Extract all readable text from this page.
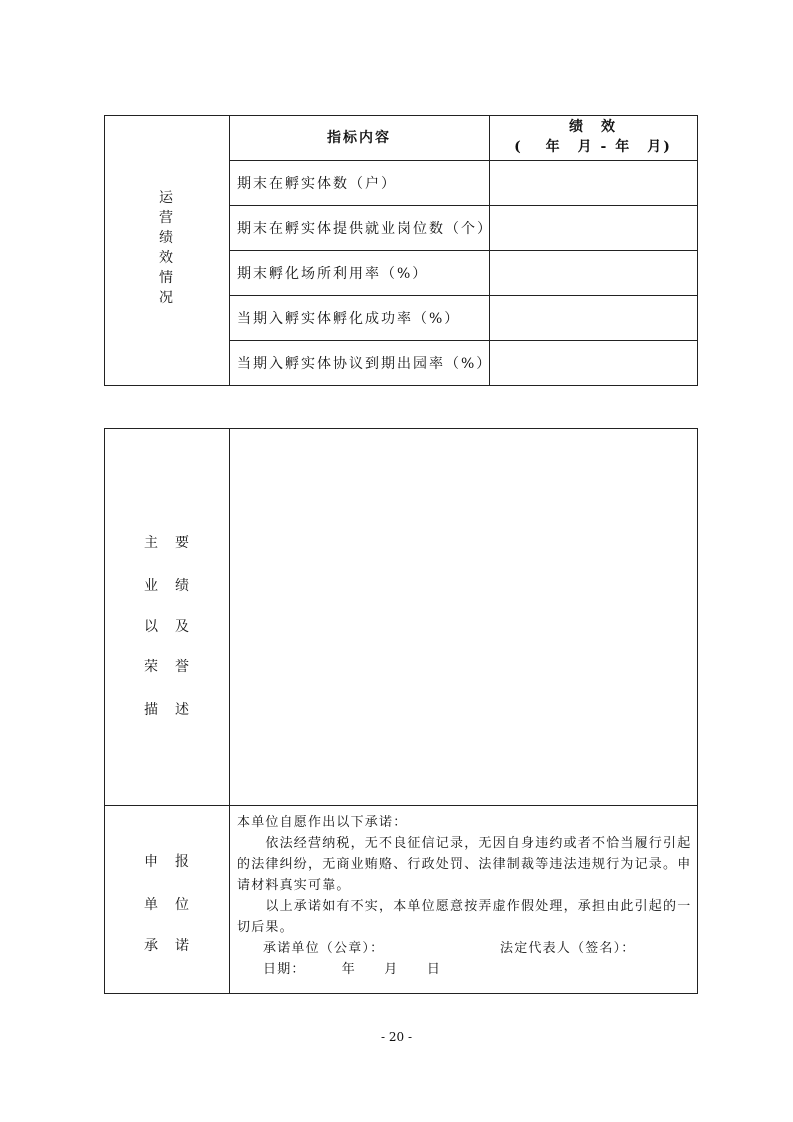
运营绩效情况
指标内容
绩　效
(　 年　月 - 年　月)
期末在孵实体数（户）
期末在孵实体提供就业岗位数（个）
期末孵化场所利用率（%）
当期入孵实体孵化成功率（%）
当期入孵实体协议到期出园率（%）
主
业
以
荣
描
要
绩
及
誉
述
申
单
承
报
位
诺
本单位自愿作出以下承诺：
　　依法经营纳税，无不良征信记录，无因自身违约或者不恰当履行引起
的法律纠纷，无商业贿赂、行政处罚、法律制裁等违法违规行为记录。申
请材料真实可靠。
　　以上承诺如有不实，本单位愿意按弄虚作假处理，承担由此引起的一
切后果。
承诺单位（公章）：	法定代表人（签名）：
日期：　　　年　　月　　日
- 20 -
